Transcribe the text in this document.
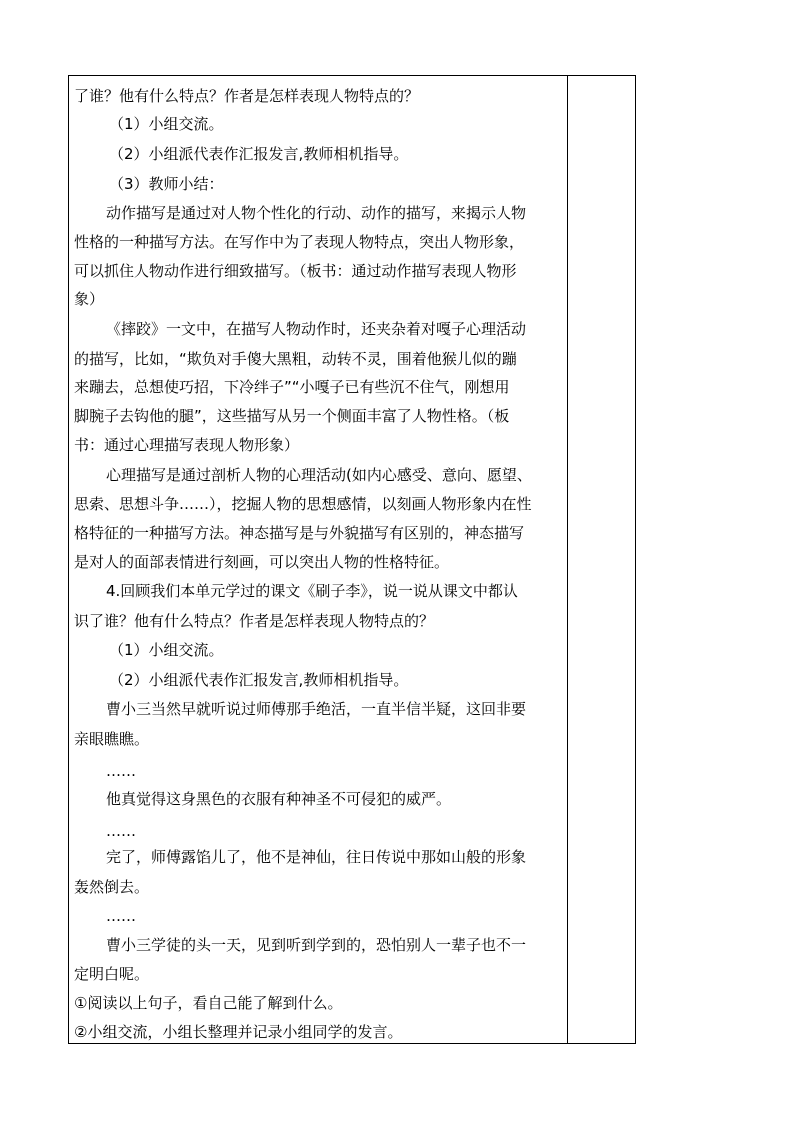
了谁？他有什么特点？作者是怎样表现人物特点的？
（1）小组交流。
（2）小组派代表作汇报发言,教师相机指导。
（3）教师小结：
动作描写是通过对人物个性化的行动、动作的描写，来揭示人物
性格的一种描写方法。在写作中为了表现人物特点，突出人物形象，
可以抓住人物动作进行细致描写。（板书：通过动作描写表现人物形
象）
《摔跤》一文中，在描写人物动作时，还夹杂着对嘎子心理活动
的描写，比如，“欺负对手傻大黑粗，动转不灵，围着他猴儿似的蹦
来蹦去，总想使巧招，下冷绊子”“小嘎子已有些沉不住气，刚想用
脚腕子去钩他的腿”，这些描写从另一个侧面丰富了人物性格。（板
书：通过心理描写表现人物形象）
心理描写是通过剖析人物的心理活动(如内心感受、意向、愿望、
思索、思想斗争……），挖掘人物的思想感情，以刻画人物形象内在性
格特征的一种描写方法。神态描写是与外貌描写有区别的，神态描写
是对人的面部表情进行刻画，可以突出人物的性格特征。
4.回顾我们本单元学过的课文《刷子李》，说一说从课文中都认
识了谁？他有什么特点？作者是怎样表现人物特点的？
（1）小组交流。
（2）小组派代表作汇报发言,教师相机指导。
曹小三当然早就听说过师傅那手绝活，一直半信半疑，这回非要
亲眼瞧瞧。
……
他真觉得这身黑色的衣服有种神圣不可侵犯的威严。
……
完了，师傅露馅儿了，他不是神仙，往日传说中那如山般的形象
轰然倒去。
……
曹小三学徒的头一天，见到听到学到的，恐怕别人一辈子也不一
定明白呢。
①阅读以上句子，看自己能了解到什么。
②小组交流，小组长整理并记录小组同学的发言。
